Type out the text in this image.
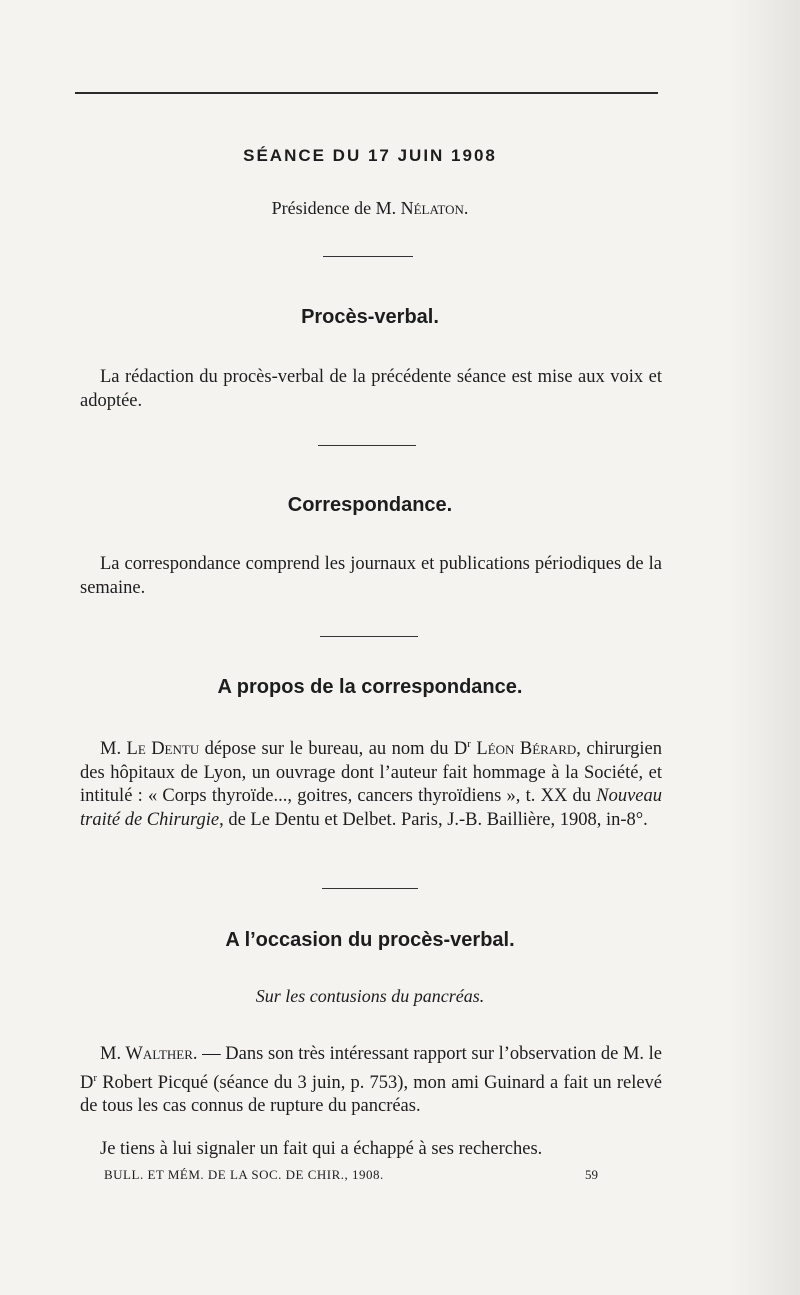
SÉANCE DU 17 JUIN 1908
Présidence de M. Nélaton.
Procès-verbal.
La rédaction du procès-verbal de la précédente séance est mise aux voix et adoptée.
Correspondance.
La correspondance comprend les journaux et publications périodiques de la semaine.
A propos de la correspondance.
M. Le Dentu dépose sur le bureau, au nom du $D^r$ Léon Bérard, chirurgien des hôpitaux de Lyon, un ouvrage dont l’auteur fait hommage à la Société, et intitulé : « Corps thyroïde..., goitres, cancers thyroïdiens », t. XX du Nouveau traité de Chirurgie, de Le Dentu et Delbet. Paris, J.-B. Baillière, 1908, in-8°.
A l’occasion du procès-verbal.
Sur les contusions du pancréas.
M. Walther. — Dans son très intéressant rapport sur l’observation de M. le $D^r$ Robert Picqué (séance du 3 juin, p. 753), mon ami Guinard a fait un relevé de tous les cas connus de rupture du pancréas.
Je tiens à lui signaler un fait qui a échappé à ses recherches.
BULL. ET MÉM. DE LA SOC. DE CHIR., 1908.	59
